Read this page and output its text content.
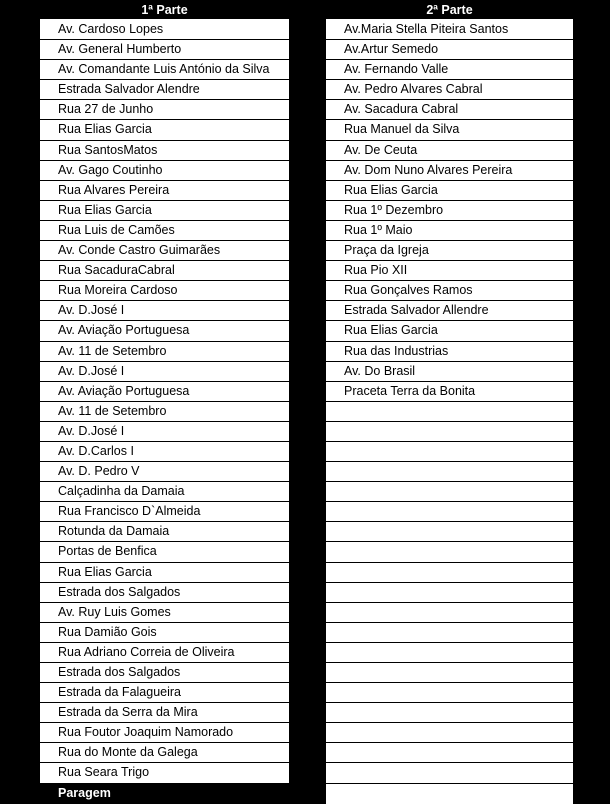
1ª Parte
Av. Cardoso Lopes
Av. General Humberto
Av. Comandante Luis António da Silva
Estrada Salvador Alendre
Rua 27 de Junho
Rua Elias Garcia
Rua SantosMatos
Av. Gago Coutinho
Rua Alvares Pereira
Rua Elias Garcia
Rua Luis de Camões
Av. Conde Castro Guimarães
Rua SacaduraCabral
Rua Moreira Cardoso
Av. D.José I
Av. Aviação Portuguesa
Av. 11 de Setembro
Av. D.José I
Av. Aviação Portuguesa
Av. 11 de Setembro
Av. D.José I
Av. D.Carlos I
Av. D. Pedro V
Calçadinha da Damaia
Rua Francisco D`Almeida
Rotunda da Damaia
Portas de Benfica
Rua Elias Garcia
Estrada dos Salgados
Av. Ruy Luis Gomes
Rua Damião Gois
Rua Adriano Correia de Oliveira
Estrada dos Salgados
Estrada da Falagueira
Estrada da Serra da Mira
Rua Foutor Joaquim Namorado
Rua do Monte da Galega
Rua Seara Trigo
Paragem
2ª Parte
Av.Maria Stella Piteira Santos
Av.Artur Semedo
Av. Fernando Valle
Av. Pedro Alvares Cabral
Av. Sacadura Cabral
Rua Manuel da Silva
Av. De Ceuta
Av. Dom Nuno Alvares Pereira
Rua Elias Garcia
Rua 1º Dezembro
Rua 1º Maio
Praça da Igreja
Rua Pio XII
Rua Gonçalves Ramos
Estrada Salvador Allendre
Rua Elias Garcia
Rua das Industrias
Av. Do Brasil
Praceta Terra da Bonita
